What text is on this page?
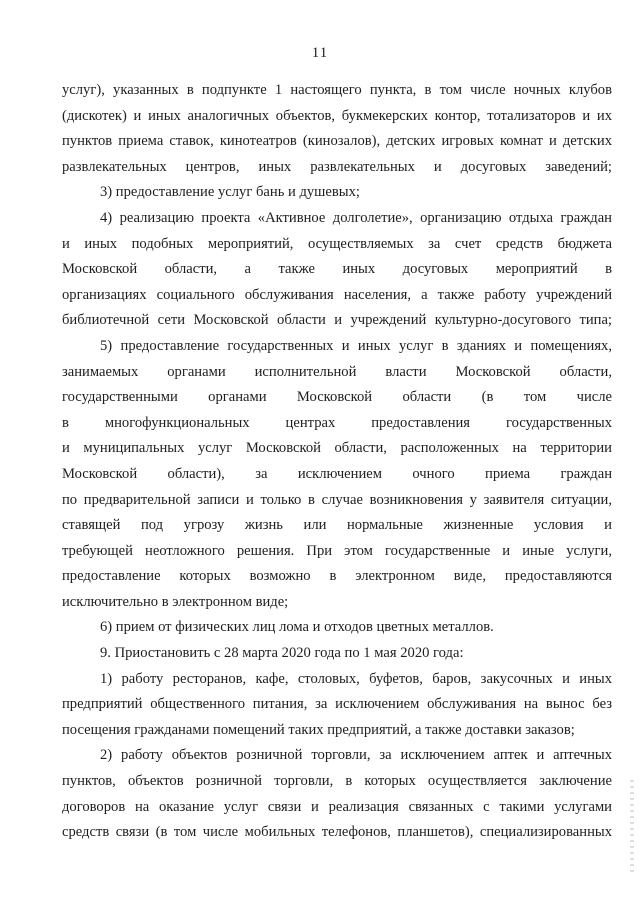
11
услуг), указанных в подпункте 1 настоящего пункта, в том числе ночных клубов
(дискотек) и иных аналогичных объектов, букмекерских контор, тотализаторов и их
пунктов приема ставок, кинотеатров (кинозалов), детских игровых комнат и детских
развлекательных центров, иных развлекательных и досуговых заведений;
3) предоставление услуг бань и душевых;
4) реализацию проекта «Активное долголетие», организацию отдыха граждан
и иных подобных мероприятий, осуществляемых за счет средств бюджета
Московской области, а также иных досуговых мероприятий в
организациях социального обслуживания населения, а также работу учреждений
библиотечной сети Московской области и учреждений культурно-досугового типа;
5) предоставление государственных и иных услуг в зданиях и помещениях,
занимаемых органами исполнительной власти Московской области,
государственными органами Московской области (в том числе
в многофункциональных центрах предоставления государственных
и муниципальных услуг Московской области, расположенных на территории
Московской области), за исключением очного приема граждан
по предварительной записи и только в случае возникновения у заявителя ситуации,
ставящей под угрозу жизнь или нормальные жизненные условия и
требующей неотложного решения. При этом государственные и иные услуги,
предоставление которых возможно в электронном виде, предоставляются
исключительно в электронном виде;
6) прием от физических лиц лома и отходов цветных металлов.
9. Приостановить с 28 марта 2020 года по 1 мая 2020 года:
1) работу ресторанов, кафе, столовых, буфетов, баров, закусочных и иных
предприятий общественного питания, за исключением обслуживания на вынос без
посещения гражданами помещений таких предприятий, а также доставки заказов;
2) работу объектов розничной торговли, за исключением аптек и аптечных
пунктов, объектов розничной торговли, в которых осуществляется заключение
договоров на оказание услуг связи и реализация связанных с такими услугами
средств связи (в том числе мобильных телефонов, планшетов), специализированных
